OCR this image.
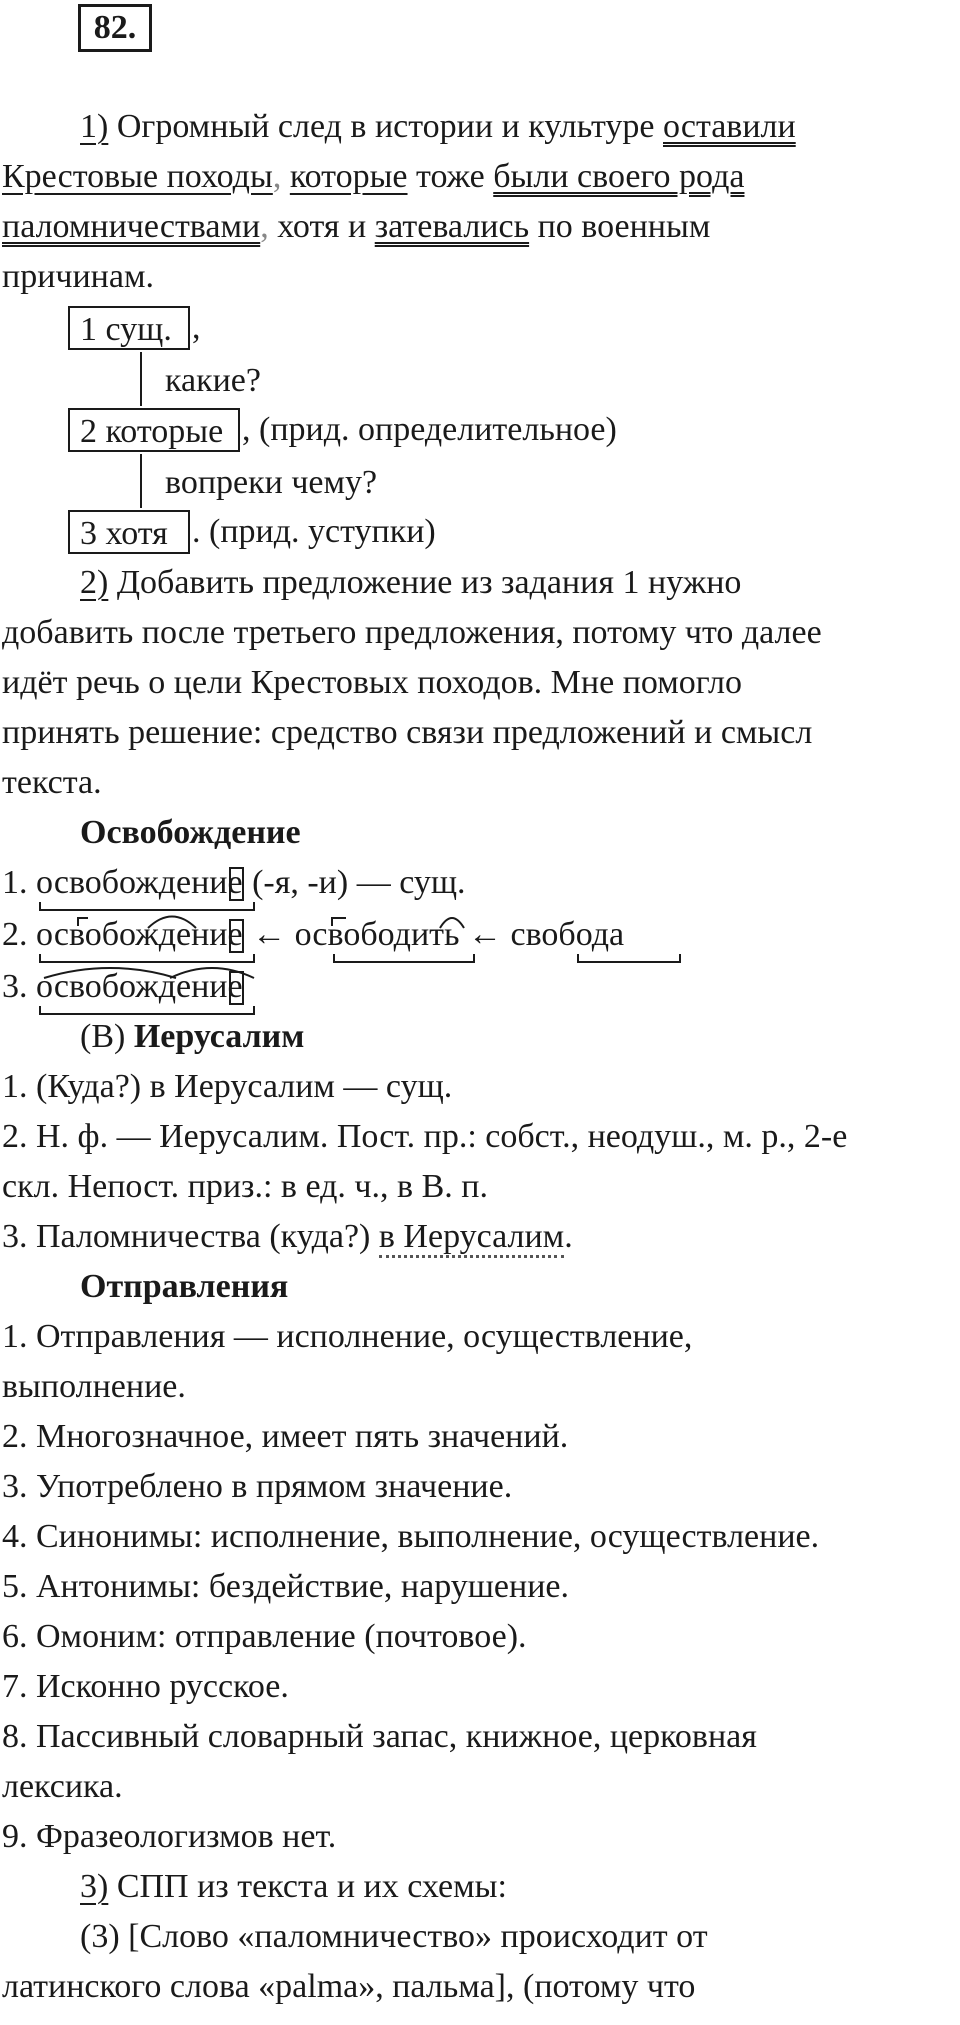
82.
1) Огромный след в истории и культуре оставили
Крестовые походы, которые тоже были своего рода
паломничествами, хотя и затевались по военным
причинам.
1 сущ. ,
какие?
2 которые , (прид. определительное)
вопреки чему?
3 хотя . (прид. уступки)
2) Добавить предложение из задания 1 нужно
добавить после третьего предложения, потому что далее
идёт речь о цели Крестовых походов. Мне помогло
принять решение: средство связи предложений и смысл
текста.
Освобождение
1. освобождение (-я, -и) — сущ.
2. освобождение ← освободить ← свобода
3. освобождение
(В) Иерусалим
1. (Куда?) в Иерусалим — сущ.
2. Н. ф. — Иерусалим. Пост. пр.: собст., неодуш., м. р., 2-е
скл. Непост. приз.: в ед. ч., в В. п.
3. Паломничества (куда?) в Иерусалим.
Отправления
1. Отправления — исполнение, осуществление,
выполнение.
2. Многозначное, имеет пять значений.
3. Употреблено в прямом значение.
4. Синонимы: исполнение, выполнение, осуществление.
5. Антонимы: бездействие, нарушение.
6. Омоним: отправление (почтовое).
7. Исконно русское.
8. Пассивный словарный запас, книжное, церковная
лексика.
9. Фразеологизмов нет.
3) СПП из текста и их схемы:
(3) [Слово «паломничество» происходит от
латинского слова «palma», пальма], (потому что
